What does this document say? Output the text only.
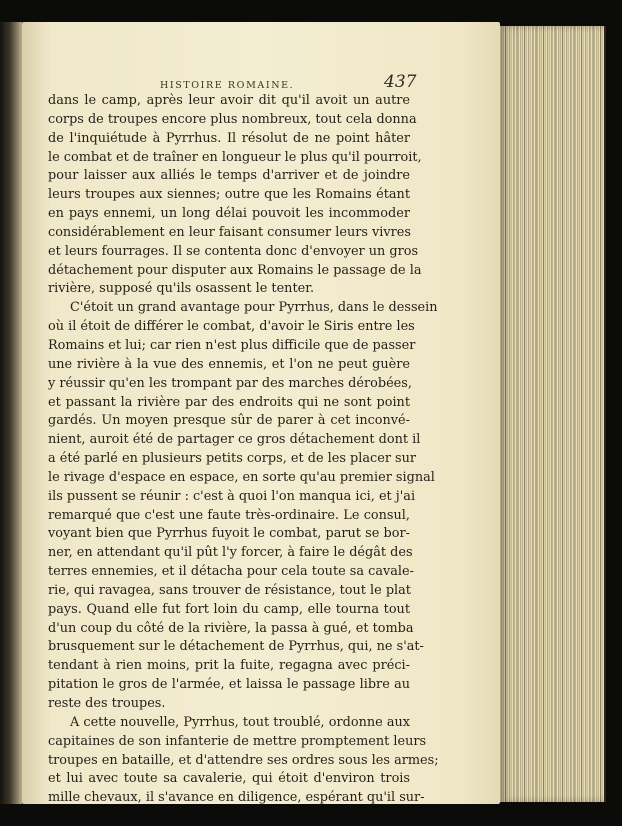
HISTOIRE ROMAINE.	437
dans le camp, après leur avoir dit qu'il avoit un autre
corps de troupes encore plus nombreux, tout cela donna
de l'inquiétude à Pyrrhus. Il résolut de ne point hâter
le combat et de traîner en longueur le plus qu'il pourroit,
pour laisser aux alliés le temps d'arriver et de joindre
leurs troupes aux siennes; outre que les Romains étant
en pays ennemi, un long délai pouvoit les incommoder
considérablement en leur faisant consumer leurs vivres
et leurs fourrages. Il se contenta donc d'envoyer un gros
détachement pour disputer aux Romains le passage de la
rivière, supposé qu'ils osassent le tenter.
C'étoit un grand avantage pour Pyrrhus, dans le dessein
où il étoit de différer le combat, d'avoir le Siris entre les
Romains et lui; car rien n'est plus difficile que de passer
une rivière à la vue des ennemis, et l'on ne peut guère
y réussir qu'en les trompant par des marches dérobées,
et passant la rivière par des endroits qui ne sont point
gardés. Un moyen presque sûr de parer à cet inconvé-
nient, auroit été de partager ce gros détachement dont il
a été parlé en plusieurs petits corps, et de les placer sur
le rivage d'espace en espace, en sorte qu'au premier signal
ils pussent se réunir : c'est à quoi l'on manqua ici, et j'ai
remarqué que c'est une faute très-ordinaire. Le consul,
voyant bien que Pyrrhus fuyoit le combat, parut se bor-
ner, en attendant qu'il pût l'y forcer, à faire le dégât des
terres ennemies, et il détacha pour cela toute sa cavale-
rie, qui ravagea, sans trouver de résistance, tout le plat
pays. Quand elle fut fort loin du camp, elle tourna tout
d'un coup du côté de la rivière, la passa à gué, et tomba
brusquement sur le détachement de Pyrrhus, qui, ne s'at-
tendant à rien moins, prit la fuite, regagna avec préci-
pitation le gros de l'armée, et laissa le passage libre au
reste des troupes.
A cette nouvelle, Pyrrhus, tout troublé, ordonne aux
capitaines de son infanterie de mettre promptement leurs
troupes en bataille, et d'attendre ses ordres sous les armes;
et lui avec toute sa cavalerie, qui étoit d'environ trois
mille chevaux, il s'avance en diligence, espérant qu'il sur-
